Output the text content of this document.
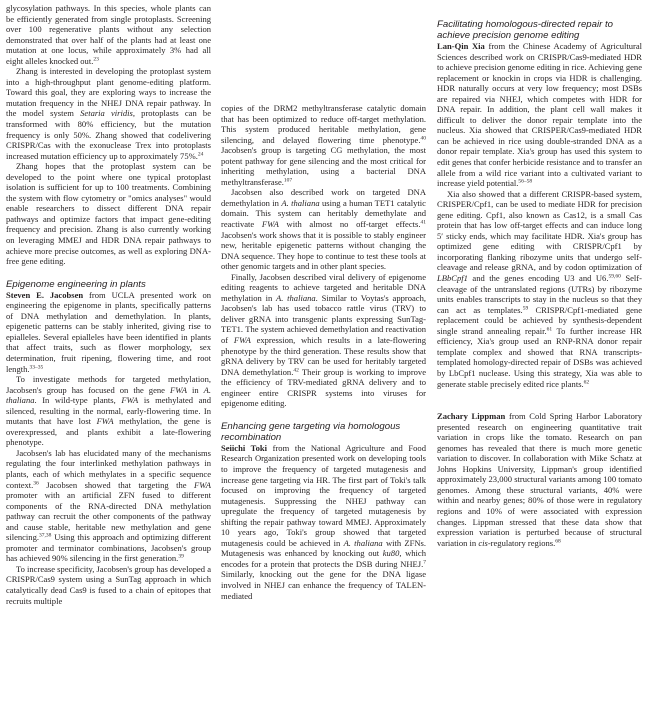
glycosylation pathways. In this species, whole plants can be efficiently generated from single protoplasts. Screening over 100 regenerative plants without any selection demonstrated that over half of the plants had at least one mutation at one locus, while approximately 3% had all eight alleles knocked out.$^{23}$

Zhang is interested in developing the protoplast system into a high-throughput plant genome-editing platform. Toward this goal, they are exploring ways to increase the mutation frequency in the NHEJ DNA repair pathway. In the model system Setaria viridis, protoplasts can be transformed with 80% efficiency, but the mutation frequency is only 50%. Zhang showed that codelivering CRISPR/Cas with the exonuclease Trex into protoplasts increased mutation efficiency up to approximately 75%.$^{24}$

Zhang hopes that the protoplast system can be developed to the point where one typical protoplast isolation is sufficient for up to 100 treatments. Combining the system with flow cytometry or "omics analyses" would enable researchers to dissect different DNA repair pathways and optimize factors that impact gene-editing frequency and precision. Zhang is also currently working on leveraging MMEJ and HDR DNA repair pathways to achieve more precise outcomes, as well as exploring DNA-free gene editing.

Epigenome engineering in plants

Steven E. Jacobsen from UCLA presented work on engineering the epigenome in plants, specifically patterns of DNA methylation and demethylation. In plants, epigenetic patterns can be stably inherited, giving rise to epialleles. Several epialleles have been identified in plants that affect traits, such as flower morphology, sex determination, fruit ripening, flowering time, and root length.$^{33-35}$

To investigate methods for targeted methylation, Jacobsen's group has focused on the gene FWA in A. thaliana. In wild-type plants, FWA is methylated and silenced, resulting in the normal, early-flowering time. In mutants that have lost FWA methylation, the gene is overexpressed, and plants exhibit a late-flowering phenotype.

Jacobsen's lab has elucidated many of the mechanisms regulating the four interlinked methylation pathways in plants, each of which methylates in a specific sequence context.$^{36}$ Jacobsen showed that targeting the FWA promoter with an artificial ZFN fused to different components of the RNA-directed DNA methylation pathway can recruit the other components of the pathway and cause stable, heritable new methylation and gene silencing.$^{37,38}$ Using this approach and optimizing different promoter and terminator combinations, Jacobsen's group has achieved 90% silencing in the first generation.$^{39}$

To increase specificity, Jacobsen's group has developed a CRISPR/Cas9 system using a SunTag approach in which catalytically dead Cas9 is fused to a chain of epitopes that recruits multiple

copies of the DRM2 methyltransferase catalytic domain that has been optimized to reduce off-target methylation. This system produced heritable methylation, gene silencing, and delayed flowering time phenotype.$^{40}$ Jacobsen's group is targeting CG methylation, the most potent pathway for gene silencing and the most critical for inheriting methylation, using a bacterial DNA methyltransferase.$^{107}$

Jacobsen also described work on targeted DNA demethylation in A. thaliana using a human TET1 catalytic domain. This system can heritably demethylate and reactivate FWA with almost no off-target effects.$^{41}$ Jacobsen's work shows that it is possible to stably engineer new, heritable epigenetic patterns without changing the DNA sequence. They hope to continue to test these tools at other genomic targets and in other plant species.

Finally, Jacobsen described viral delivery of epigenome editing reagents to achieve targeted and heritable DNA methylation in A. thaliana. Similar to Voytas's approach, Jacobsen's lab has used tobacco rattle virus (TRV) to deliver gRNA into transgenic plants expressing SunTag-TET1. The system achieved demethylation and reactivation of FWA expression, which results in a late-flowering phenotype by the third generation. These results show that gRNA delivery by TRV can be used for heritably targeted DNA demethylation.$^{42}$ Their group is working to improve the efficiency of TRV-mediated gRNA delivery and to engineer entire CRISPR systems into viruses for epigenome editing.

Enhancing gene targeting via homologous recombination

Seiichi Toki from the National Agriculture and Food Research Organization presented work on developing tools to improve the frequency of targeted mutagenesis and increase gene targeting via HR. The first part of Toki's talk focused on improving the frequency of targeted mutagenesis. Suppressing the NHEJ pathway can upregulate the frequency of targeted mutagenesis by shifting the repair pathway toward MMEJ. Approximately 10 years ago, Toki's group showed that targeted mutagenesis could be achieved in A. thaliana with ZFNs. Mutagenesis was enhanced by knocking out ku80, which encodes for a protein that protects the DSB during NHEJ.$^7$ Similarly, knocking out the gene for the DNA ligase involved in NHEJ can enhance the frequency of TALEN-mediated

Facilitating homologous-directed repair to achieve precision genome editing

Lan-Qin Xia from the Chinese Academy of Agricultural Sciences described work on CRISPR/Cas9-mediated HDR to achieve precision genome editing in rice. Achieving gene replacement or knockin in crops via HDR is challenging. HDR naturally occurs at very low frequency; most DSBs are repaired via NHEJ, which competes with HDR for DNA repair. In addition, the plant cell wall makes it difficult to deliver the donor repair template into the nucleus. Xia showed that CRISPER/Cas9-mediated HDR can be achieved in rice using double-stranded DNA as a donor repair template. Xia's group has used this system to edit genes that confer herbicide resistance and to transfer an allele from a wild rice variant into a cultivated variant to increase yield potential.$^{56-58}$

Xia also showed that a different CRISPR-based system, CRISPER/Cpf1, can be used to mediate HDR for precision gene editing. Cpf1, also known as Cas12, is a small Cas protein that has low off-target effects and can induce long 5′ sticky ends, which may facilitate HDR. Xia's group has optimized gene editing with CRISPR/Cpf1 by incorporating flanking ribozyme units that undergo self-cleavage and release gRNA, and by codon optimization of LBbCpf1 and the genes encoding U3 and U6.$^{59,60}$ Self-cleavage of the untranslated regions (UTRs) by ribozyme units enables transcripts to stay in the nucleus so that they can act as templates.$^{59}$ CRISPR/Cpf1-mediated gene replacement could be achieved by synthesis-dependent single strand annealing repair.$^{61}$ To further increase HR efficiency, Xia's group used an RNP-RNA donor repair template complex and showed that RNA transcripts-templated homology-directed repair of DSBs was achieved by LbCpf1 nuclease. Using this strategy, Xia was able to generate stable precisely edited rice plants.$^{62}$

Zachary Lippman from Cold Spring Harbor Laboratory presented research on engineering quantitative trait variation in crops like the tomato. Research on pan genomes has revealed that there is much more genetic variation to discover. In collaboration with Mike Schatz at Johns Hopkins University, Lippman's group identified approximately 23,000 structural variants among 100 tomato genomes. Among these structural variants, 40% were within and nearby genes; 80% of those were in regulatory regions and 10% of were associated with expression changes. Lippman stressed that these data show that expression variation is perturbed because of structural variation in cis-regulatory regions.$^{68}$
